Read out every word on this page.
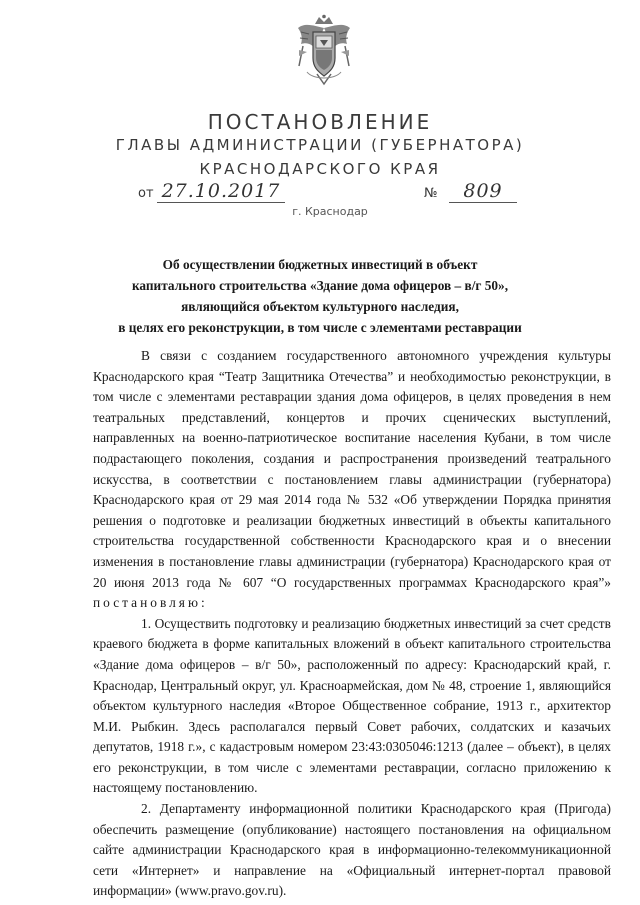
ПОСТАНОВЛЕНИЕ
ГЛАВЫ АДМИНИСТРАЦИИ (ГУБЕРНАТОРА)
КРАСНОДАРСКОГО КРАЯ
от 27.10.2017	№	809
г. Краснодар
Об осуществлении бюджетных инвестиций в объект
капитального строительства «Здание дома офицеров – в/г 50»,
являющийся объектом культурного наследия,
в целях его реконструкции, в том числе с элементами реставрации

В связи с созданием государственного автономного учреждения культуры Краснодарского края “Театр Защитника Отечества” и необходимостью реконструкции, в том числе с элементами реставрации здания дома офицеров, в целях проведения в нем театральных представлений, концертов и прочих сценических выступлений, направленных на военно-патриотическое воспитание населения Кубани, в том числе подрастающего поколения, создания и распространения произведений театрального искусства, в соответствии с постановлением главы администрации (губернатора) Краснодарского края от 29 мая 2014 года № 532 «Об утверждении Порядка принятия решения о подготовке и реализации бюджетных инвестиций в объекты капитального строительства государственной собственности Краснодарского края и о внесении изменения в постановление главы администрации (губернатора) Краснодарского края от 20 июня 2013 года № 607 “О государственных программах Краснодарского края”» постановляю:

1. Осуществить подготовку и реализацию бюджетных инвестиций за счет средств краевого бюджета в форме капитальных вложений в объект капитального строительства «Здание дома офицеров – в/г 50», расположенный по адресу: Краснодарский край, г. Краснодар, Центральный округ, ул. Красноармейская, дом № 48, строение 1, являющийся объектом культурного наследия «Второе Общественное собрание, 1913 г., архитектор М.И. Рыбкин. Здесь располагался первый Совет рабочих, солдатских и казачьих депутатов, 1918 г.», с кадастровым номером 23:43:0305046:1213 (далее – объект), в целях его реконструкции, в том числе с элементами реставрации, согласно приложению к настоящему постановлению.

2. Департаменту информационной политики Краснодарского края (Пригода) обеспечить размещение (опубликование) настоящего постановления на официальном сайте администрации Краснодарского края в информационно-телекоммуникационной сети «Интернет» и направление на «Официальный интернет-портал правовой информации» (www.pravo.gov.ru).
